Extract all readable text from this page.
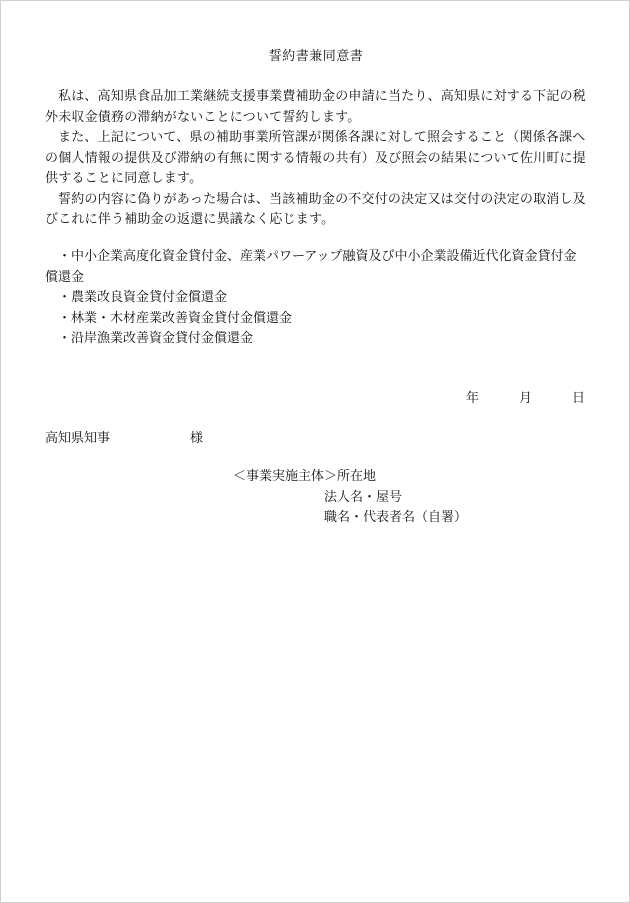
誓約書兼同意書

私は、高知県食品加工業継続支援事業費補助金の申請に当たり、高知県に対する下記の税外未収金債務の滞納がないことについて誓約します。

また、上記について、県の補助事業所管課が関係各課に対して照会すること（関係各課への個人情報の提供及び滞納の有無に関する情報の共有）及び照会の結果について佐川町に提供することに同意します。

誓約の内容に偽りがあった場合は、当該補助金の不交付の決定又は交付の決定の取消し及びこれに伴う補助金の返還に異議なく応じます。

・中小企業高度化資金貸付金、産業パワーアップ融資及び中小企業設備近代化資金貸付金償還金
・農業改良資金貸付金償還金
・林業・木材産業改善資金貸付金償還金
・沿岸漁業改善資金貸付金償還金
年	月	日
高知県知事	様
＜事業実施主体＞所在地
法人名・屋号
職名・代表者名（自署）
